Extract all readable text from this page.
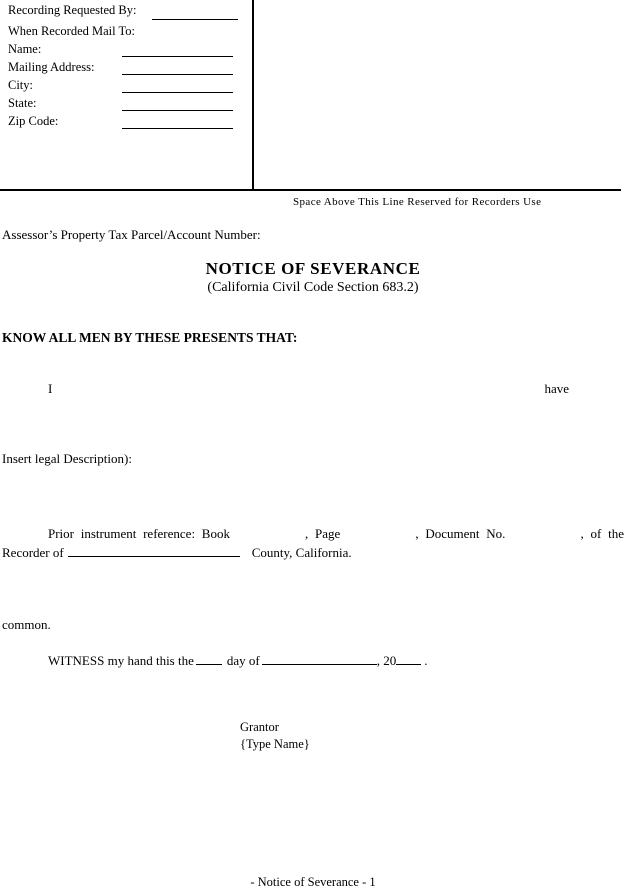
Recording Requested By:
When Recorded Mail To:
Name:
Mailing Address:
City:
State:
Zip Code:
Space Above This Line Reserved for Recorders Use
Assessor’s Property Tax Parcel/Account Number:
NOTICE OF SEVERANCE
(California Civil Code Section 683.2)
KNOW ALL MEN BY THESE PRESENTS THAT:
I	have
Insert legal Description):
Prior instrument reference: Book	, Page	, Document No.	, of the
Recorder of	County, California.
common.
WITNESS my hand this the	day of	, 20 .
Grantor
{Type Name}
- Notice of Severance - 1
